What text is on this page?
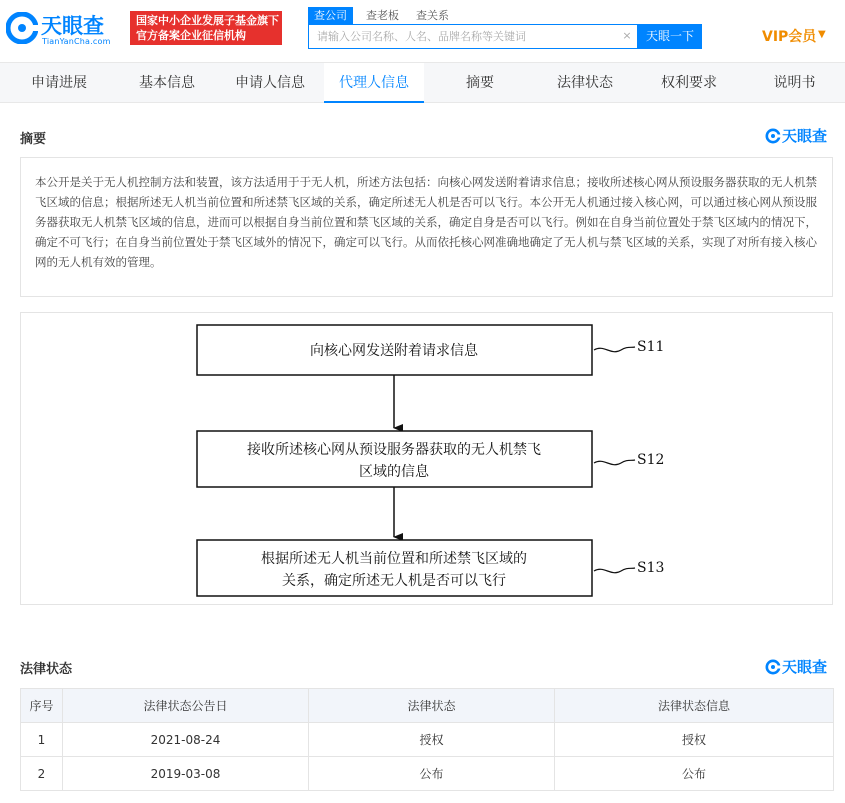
天眼查
TianYanCha.com
国家中小企业发展子基金旗下
官方备案企业征信机构
查公司	查老板 查关系
请输入公司名称、人名、品牌名称等关键词
×	天眼一下	VIP会员 ▼
申请进展	基本信息	申请人信息	代理人信息	摘要	法律状态	权利要求	说明书
摘要	天眼查
本公开是关于无人机控制方法和装置，该方法适用于于无人机，所述方法包括：向核心网发送附着请求信息；接收所述核心网从预设服务器获取的无人机禁飞区域的信息；根据所述无人机当前位置和所述禁飞区域的关系，确定所述无人机是否可以飞行。本公开无人机通过接入核心网，可以通过核心网从预设服务器获取无人机禁飞区域的信息，进而可以根据自身当前位置和禁飞区域的关系，确定自身是否可以飞行。例如在自身当前位置处于禁飞区域内的情况下，确定不可飞行；在自身当前位置处于禁飞区域外的情况下，确定可以飞行。从而依托核心网准确地确定了无人机与禁飞区域的关系，实现了对所有接入核心网的无人机有效的管理。
向核心网发送附着请求信息	S11
接收所述核心网从预设服务器获取的无人机禁飞
区域的信息
S12
根据所述无人机当前位置和所述禁飞区域的
关系，确定所述无人机是否可以飞行
S13
法律状态	天眼查
序号	法律状态公告日	法律状态	法律状态信息
1	2021-08-24	授权	授权
2	2019-03-08	公布	公布
